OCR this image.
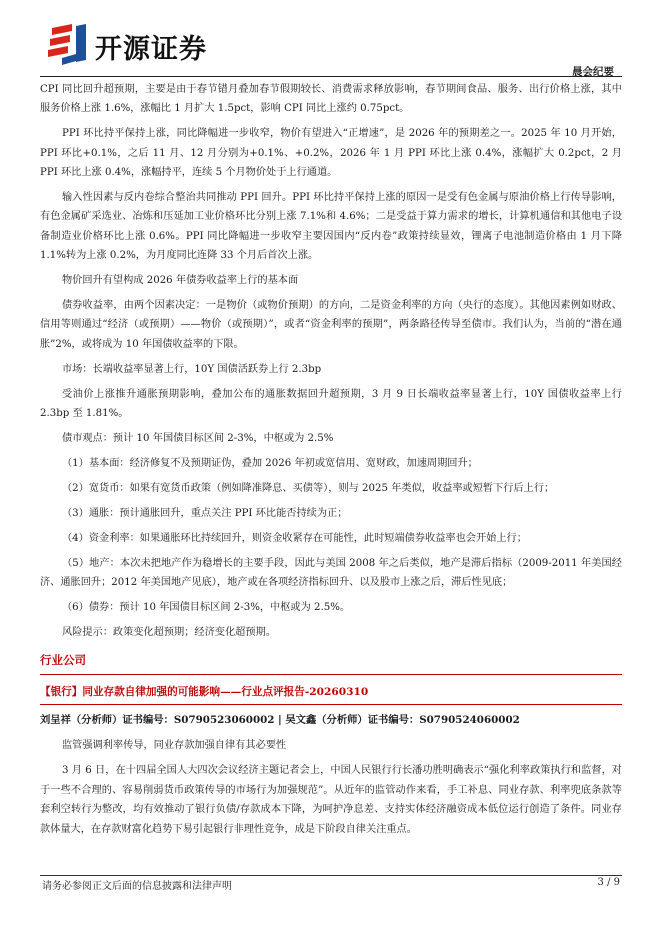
开源证券
晨会纪要

CPI 同比回升超预期，主要是由于春节错月叠加春节假期较长、消费需求释放影响，春节期间食品、服务、出行价格上涨，其中服务价格上涨 1.6%，涨幅比 1 月扩大 1.5pct，影响 CPI 同比上涨约 0.75pct。

PPI 环比持平保持上涨，同比降幅进一步收窄，物价有望进入“正增速”，是 2026 年的预期差之一。2025 年 10 月开始，PPI 环比+0.1%，之后 11 月、12 月分别为+0.1%、+0.2%，2026 年 1 月 PPI 环比上涨 0.4%，涨幅扩大 0.2pct，2 月 PPI 环比上涨 0.4%，涨幅持平，连续 5 个月物价处于上行通道。

输入性因素与反内卷综合整治共同推动 PPI 回升。PPI 环比持平保持上涨的原因一是受有色金属与原油价格上行传导影响，有色金属矿采选业、冶炼和压延加工业价格环比分别上涨 7.1%和 4.6%；二是受益于算力需求的增长，计算机通信和其他电子设备制造业价格环比上涨 0.6%。PPI 同比降幅进一步收窄主要因国内“反内卷”政策持续显效，锂离子电池制造价格由 1 月下降 1.1%转为上涨 0.2%，为月度同比连降 33 个月后首次上涨。

物价回升有望构成 2026 年债券收益率上行的基本面

债券收益率，由两个因素决定：一是物价（或物价预期）的方向，二是资金利率的方向（央行的态度）。其他因素例如财政、信用等则通过“经济（或预期）——物价（或预期）”，或者“资金利率的预期”，两条路径传导至债市。我们认为，当前的“潜在通胀”2%，或将成为 10 年国债收益率的下限。

市场：长端收益率显著上行，10Y 国债活跃券上行 2.3bp

受油价上涨推升通胀预期影响，叠加公布的通胀数据回升超预期，3 月 9 日长端收益率显著上行，10Y 国债收益率上行 2.3bp 至 1.81%。

债市观点：预计 10 年国债目标区间 2-3%，中枢或为 2.5%

（1）基本面：经济修复不及预期证伪，叠加 2026 年初或宽信用、宽财政，加速周期回升；

（2）宽货币：如果有宽货币政策（例如降准降息、买债等），则与 2025 年类似，收益率或短暂下行后上行；

（3）通胀：预计通胀回升，重点关注 PPI 环比能否持续为正；

（4）资金利率：如果通胀环比持续回升，则资金收紧存在可能性，此时短端债券收益率也会开始上行；

（5）地产：本次未把地产作为稳增长的主要手段，因此与美国 2008 年之后类似，地产是滞后指标（2009-2011 年美国经济、通胀回升；2012 年美国地产见底），地产或在各项经济指标回升、以及股市上涨之后，滞后性见底；

（6）债券：预计 10 年国债目标区间 2-3%，中枢或为 2.5%。

风险提示：政策变化超预期；经济变化超预期。

行业公司
【银行】同业存款自律加强的可能影响——行业点评报告-20260310
刘呈祥（分析师）证书编号：S0790523060002 | 吴文鑫（分析师）证书编号：S0790524060002

监管强调利率传导，同业存款加强自律有其必要性

3 月 6 日，在十四届全国人大四次会议经济主题记者会上，中国人民银行行长潘功胜明确表示“强化利率政策执行和监督，对于一些不合理的、容易削弱货币政策传导的市场行为加强规范”。从近年的监管动作来看，手工补息、同业存款、利率兜底条款等套利空转行为整改，均有效推动了银行负债/存款成本下降，为呵护净息差、支持实体经济融资成本低位运行创造了条件。同业存款体量大，在存款财富化趋势下易引起银行非理性竞争，成是下阶段自律关注重点。

请务必参阅正文后面的信息披露和法律声明	3 / 9
